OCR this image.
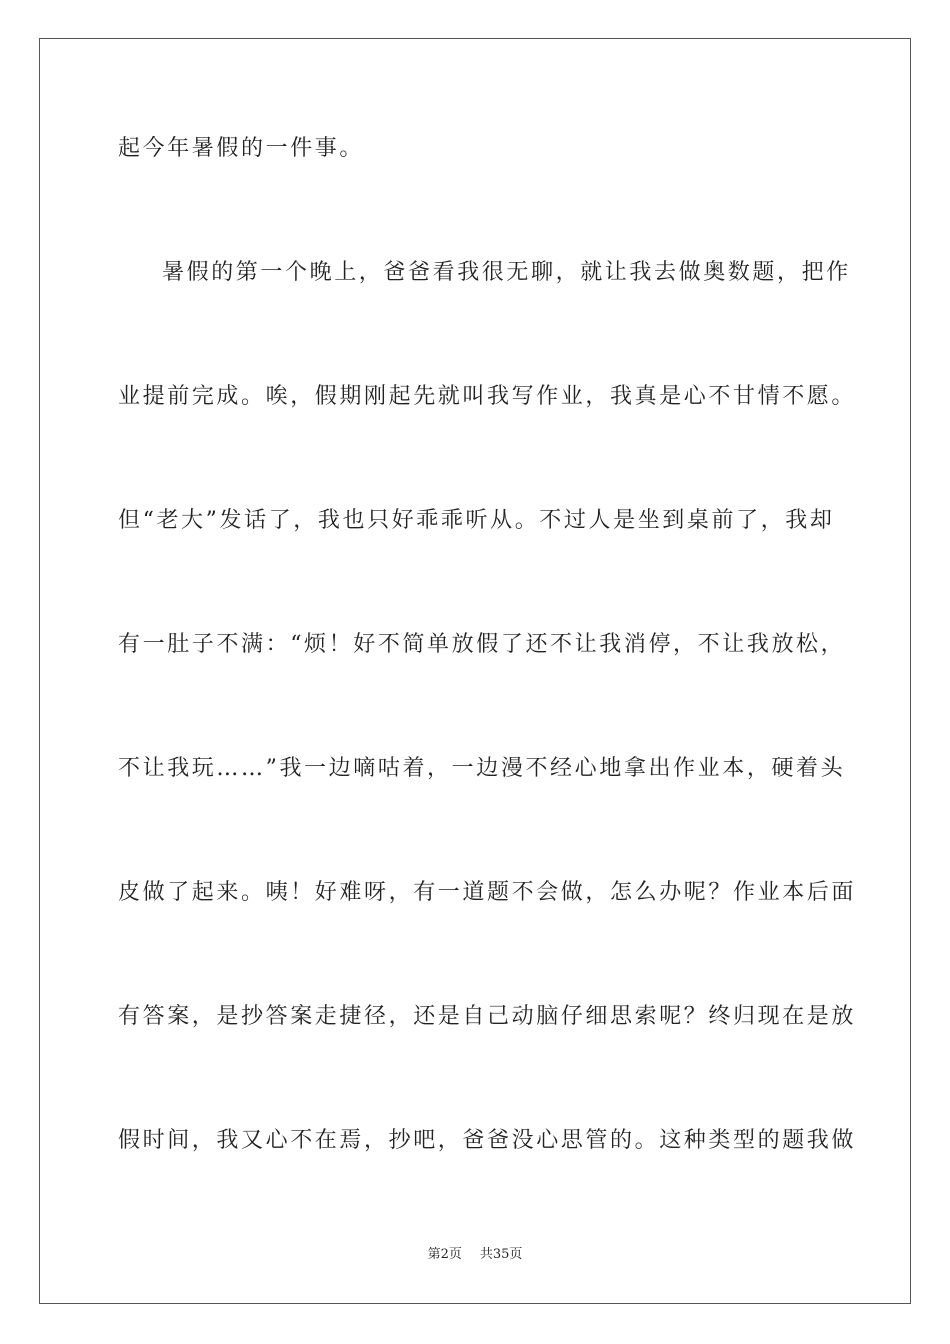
起今年暑假的一件事。
暑假的第一个晚上，爸爸看我很无聊，就让我去做奥数题，把作
业提前完成。唉，假期刚起先就叫我写作业，我真是心不甘情不愿。
但“老大”发话了，我也只好乖乖听从。不过人是坐到桌前了，我却
有一肚子不满：“烦！好不简单放假了还不让我消停，不让我放松，
不让我玩……”我一边嘀咕着，一边漫不经心地拿出作业本，硬着头
皮做了起来。咦！好难呀，有一道题不会做，怎么办呢？作业本后面
有答案，是抄答案走捷径，还是自己动脑仔细思索呢？终归现在是放
假时间，我又心不在焉，抄吧，爸爸没心思管的。这种类型的题我做
第2页 共35页
